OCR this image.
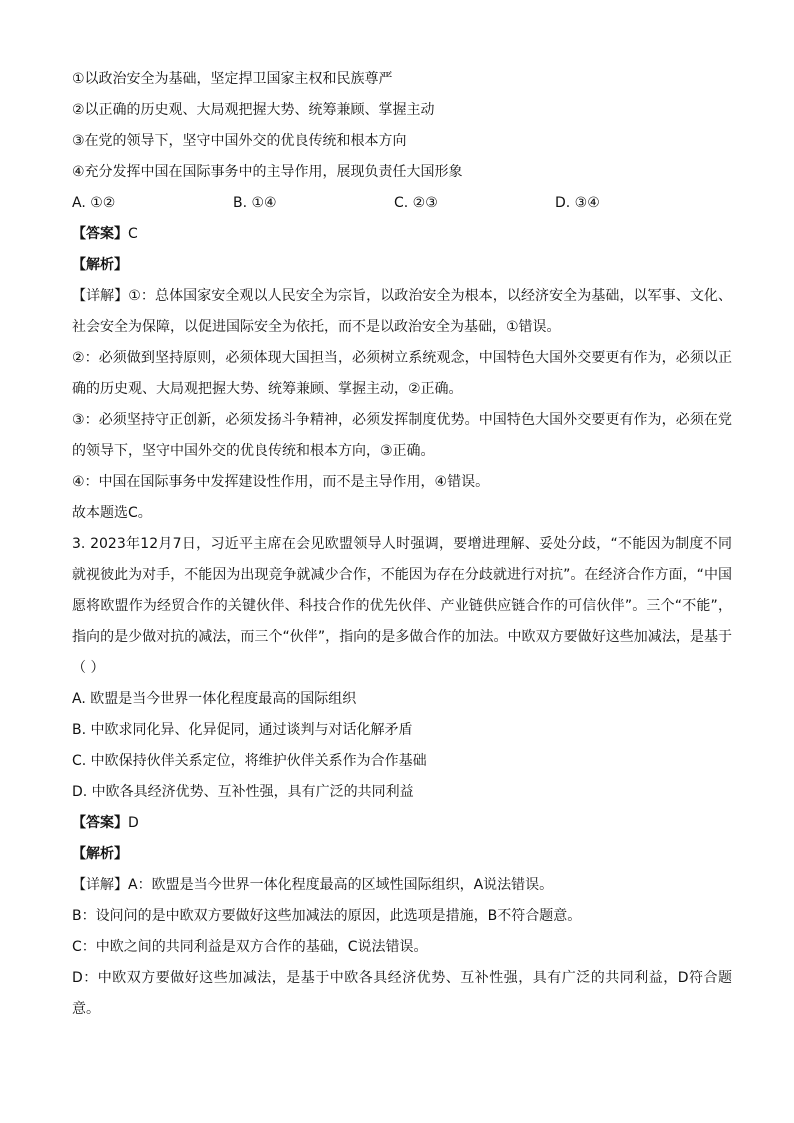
①以政治安全为基础，坚定捍卫国家主权和民族尊严

②以正确的历史观、大局观把握大势、统筹兼顾、掌握主动

③在党的领导下，坚守中国外交的优良传统和根本方向

④充分发挥中国在国际事务中的主导作用，展现负责任大国形象

A. ①②	B. ①④	C. ②③	D. ③④

【答案】C

【解析】

【详解】①：总体国家安全观以人民安全为宗旨，以政治安全为根本，以经济安全为基础，以军事、文化、社会安全为保障，以促进国际安全为依托，而不是以政治安全为基础，①错误。

②：必须做到坚持原则，必须体现大国担当，必须树立系统观念，中国特色大国外交要更有作为，必须以正确的历史观、大局观把握大势、统筹兼顾、掌握主动，②正确。

③：必须坚持守正创新，必须发扬斗争精神，必须发挥制度优势。中国特色大国外交要更有作为，必须在党的领导下，坚守中国外交的优良传统和根本方向，③正确。

④：中国在国际事务中发挥建设性作用，而不是主导作用，④错误。

故本题选C。

3. 2023年12月7日，习近平主席在会见欧盟领导人时强调，要增进理解、妥处分歧，“不能因为制度不同就视彼此为对手，不能因为出现竞争就减少合作，不能因为存在分歧就进行对抗”。在经济合作方面，“中国愿将欧盟作为经贸合作的关键伙伴、科技合作的优先伙伴、产业链供应链合作的可信伙伴”。三个“不能”，指向的是少做对抗的减法，而三个“伙伴”，指向的是多做合作的加法。中欧双方要做好这些加减法，是基于（ ）

A. 欧盟是当今世界一体化程度最高的国际组织

B. 中欧求同化异、化异促同，通过谈判与对话化解矛盾

C. 中欧保持伙伴关系定位，将维护伙伴关系作为合作基础

D. 中欧各具经济优势、互补性强，具有广泛的共同利益

【答案】D

【解析】

【详解】A：欧盟是当今世界一体化程度最高的区域性国际组织，A说法错误。

B：设问问的是中欧双方要做好这些加减法的原因，此选项是措施，B不符合题意。

C：中欧之间的共同利益是双方合作的基础，C说法错误。

D：中欧双方要做好这些加减法，是基于中欧各具经济优势、互补性强，具有广泛的共同利益，D符合题意。
